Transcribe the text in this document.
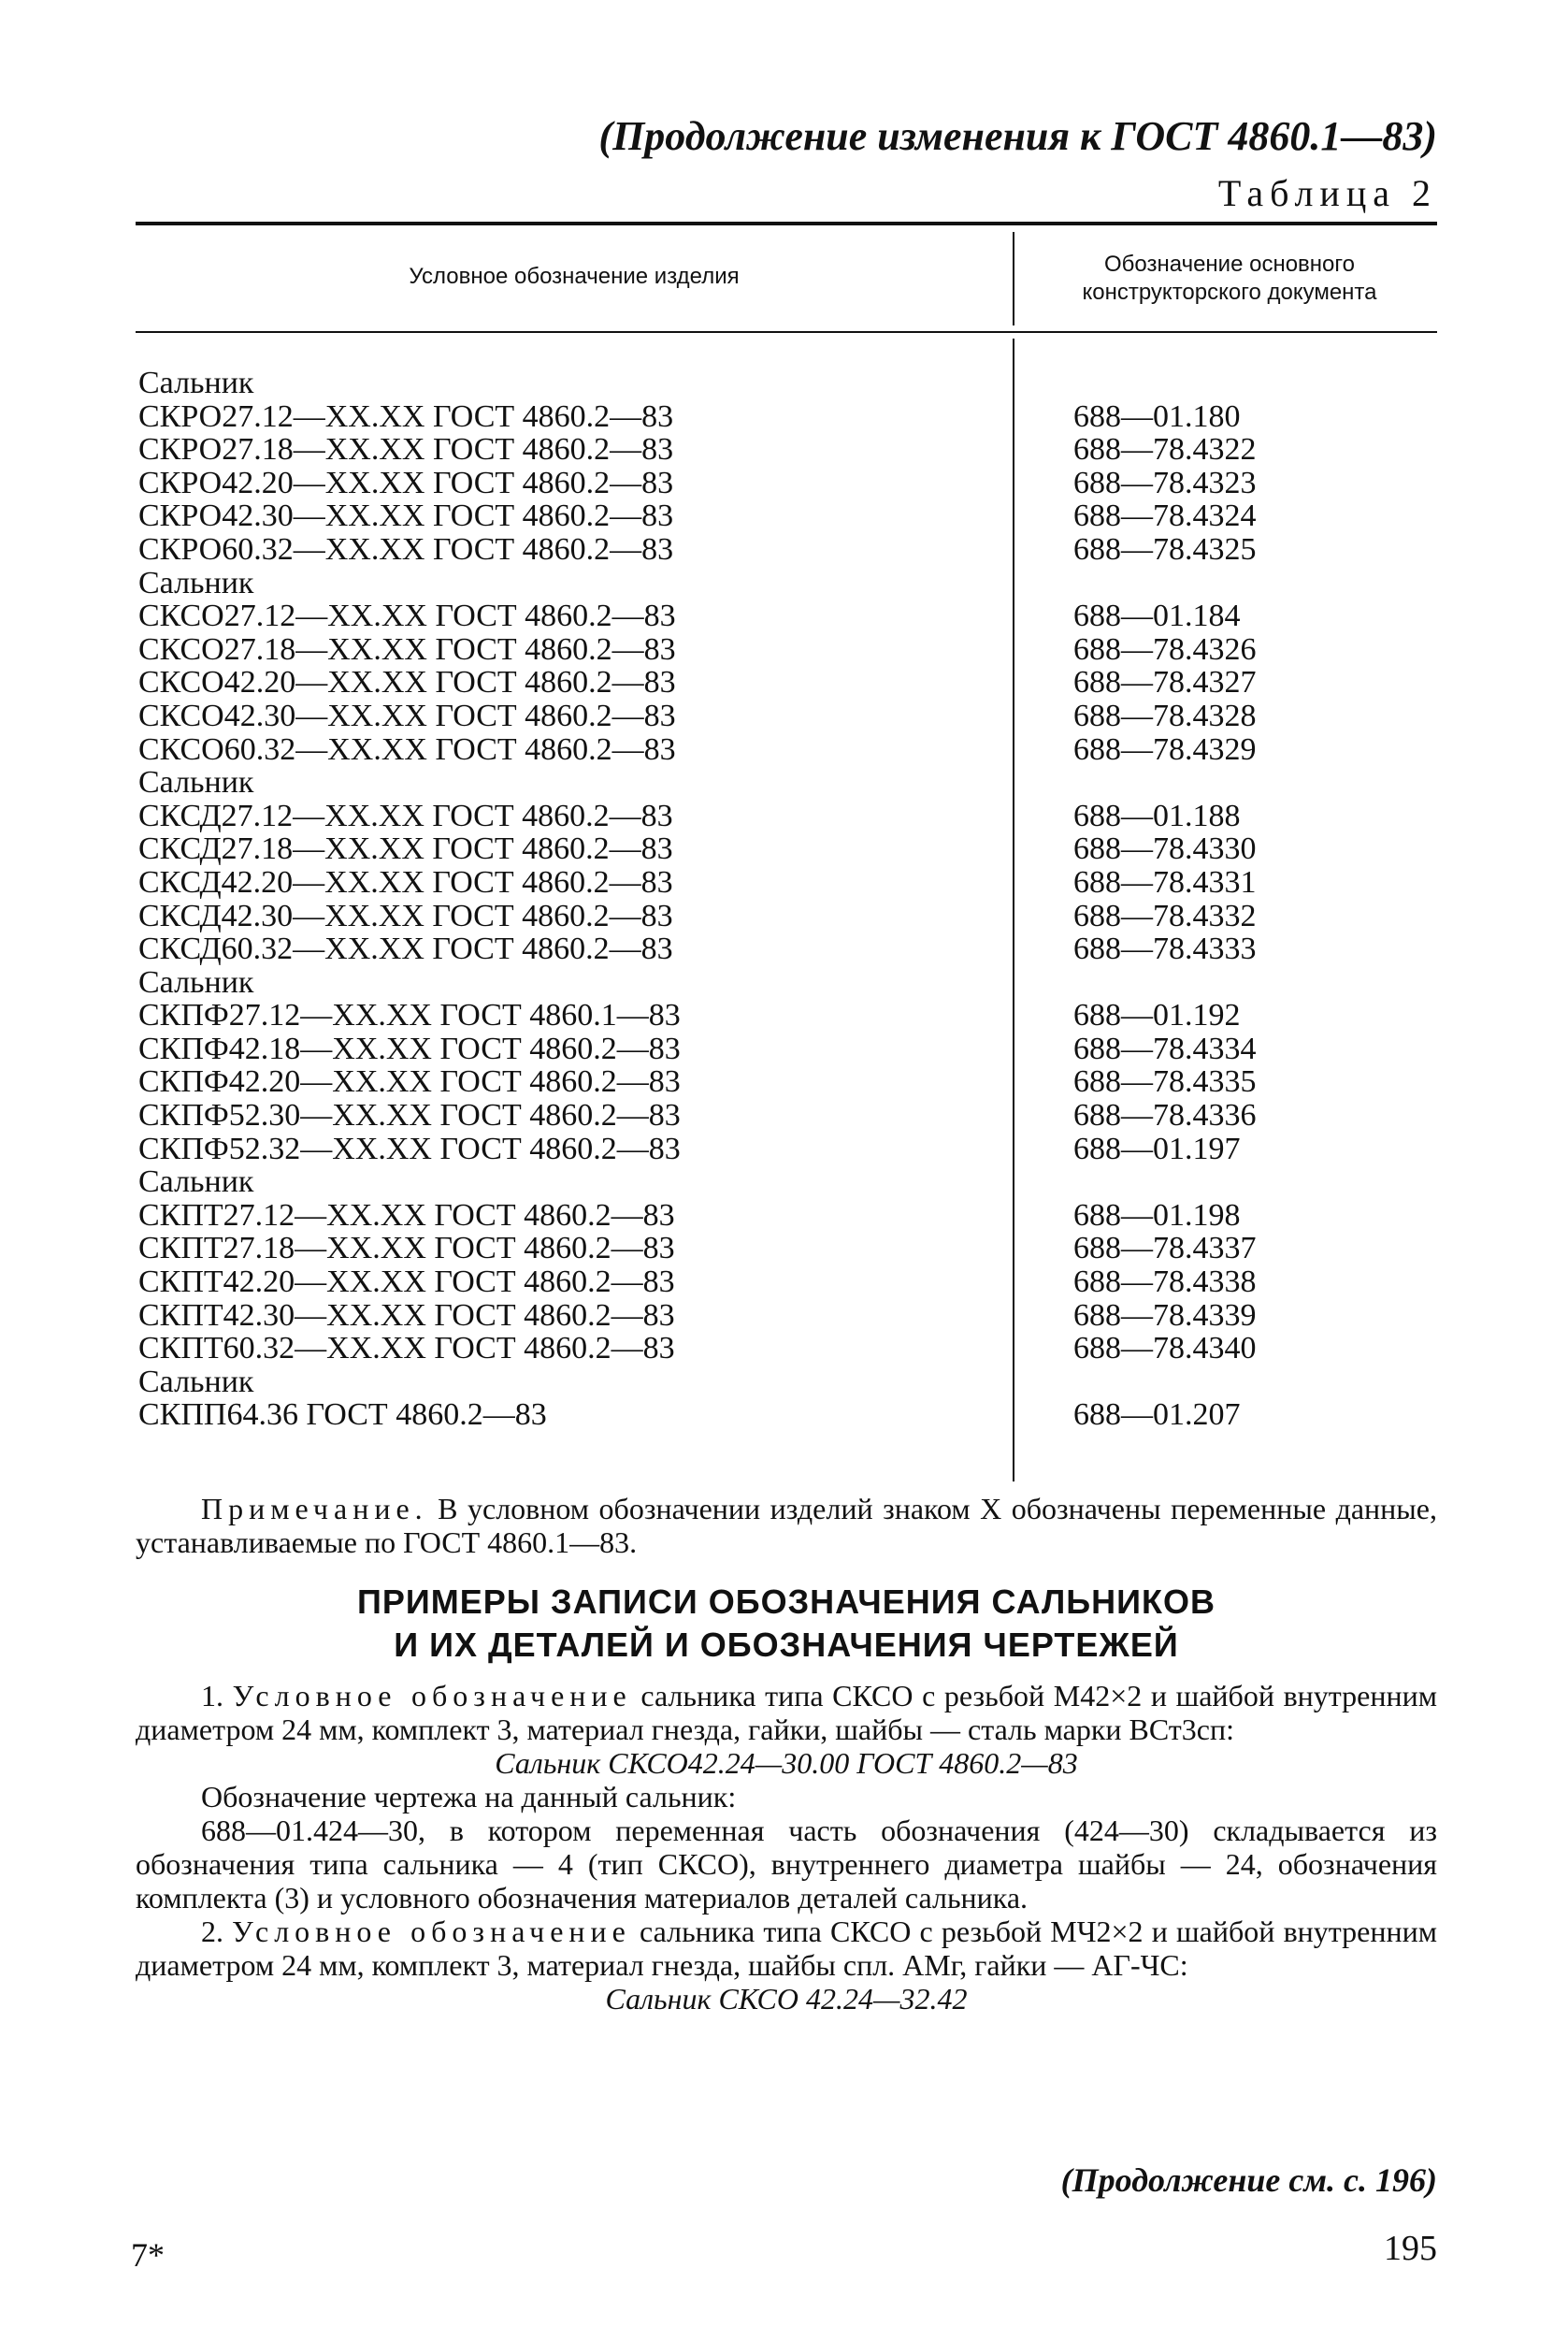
(Продолжение изменения к ГОСТ 4860.1—83)
Таблица 2
Условное обозначение изделия	Обозначение основного
конструкторского документа
Сальник
СКРО27.12—XX.XX ГОСТ 4860.2—83
СКРО27.18—XX.XX ГОСТ 4860.2—83
СКРО42.20—XX.XX ГОСТ 4860.2—83
СКРО42.30—XX.XX ГОСТ 4860.2—83
СКРО60.32—XX.XX ГОСТ 4860.2—83
Сальник
СКСО27.12—XX.XX ГОСТ 4860.2—83
СКСО27.18—XX.XX ГОСТ 4860.2—83
СКСО42.20—XX.XX ГОСТ 4860.2—83
СКСО42.30—XX.XX ГОСТ 4860.2—83
СКСО60.32—XX.XX ГОСТ 4860.2—83
Сальник
СКСД27.12—XX.XX ГОСТ 4860.2—83
СКСД27.18—XX.XX ГОСТ 4860.2—83
СКСД42.20—XX.XX ГОСТ 4860.2—83
СКСД42.30—XX.XX ГОСТ 4860.2—83
СКСД60.32—XX.XX ГОСТ 4860.2—83
Сальник
СКПФ27.12—XX.XX ГОСТ 4860.1—83
СКПФ42.18—XX.XX ГОСТ 4860.2—83
СКПФ42.20—XX.XX ГОСТ 4860.2—83
СКПФ52.30—XX.XX ГОСТ 4860.2—83
СКПФ52.32—XX.XX ГОСТ 4860.2—83
Сальник
СКПТ27.12—XX.XX ГОСТ 4860.2—83
СКПТ27.18—XX.XX ГОСТ 4860.2—83
СКПТ42.20—XX.XX ГОСТ 4860.2—83
СКПТ42.30—XX.XX ГОСТ 4860.2—83
СКПТ60.32—XX.XX ГОСТ 4860.2—83
Сальник
СКПП64.36 ГОСТ 4860.2—83
688—01.180
688—78.4322
688—78.4323
688—78.4324
688—78.4325
688—01.184
688—78.4326
688—78.4327
688—78.4328
688—78.4329
688—01.188
688—78.4330
688—78.4331
688—78.4332
688—78.4333
688—01.192
688—78.4334
688—78.4335
688—78.4336
688—01.197
688—01.198
688—78.4337
688—78.4338
688—78.4339
688—78.4340
688—01.207
Примечание. В условном обозначении изделий знаком X обозначены переменные данные, устанавливаемые по ГОСТ 4860.1—83.
ПРИМЕРЫ ЗАПИСИ ОБОЗНАЧЕНИЯ САЛЬНИКОВ
И ИХ ДЕТАЛЕЙ И ОБОЗНАЧЕНИЯ ЧЕРТЕЖЕЙ
1. Условное обозначение сальника типа СКСО с резьбой М42×2 и шайбой внутренним диаметром 24 мм, комплект 3, материал гнезда, гайки, шайбы — сталь марки ВСт3сп:
Сальник СКСО42.24—30.00 ГОСТ 4860.2—83
Обозначение чертежа на данный сальник:
688—01.424—30, в котором переменная часть обозначения (424—30) складывается из обозначения типа сальника — 4 (тип СКСО), внутреннего диаметра шайбы — 24, обозначения комплекта (3) и условного обозначения материалов деталей сальника.
2. Условное обозначение сальника типа СКСО с резьбой МЧ2×2 и шайбой внутренним диаметром 24 мм, комплект 3, материал гнезда, шайбы спл. АМг, гайки — АГ-ЧС:
Сальник СКСО 42.24—32.42
(Продолжение см. с. 196)
7*	195
